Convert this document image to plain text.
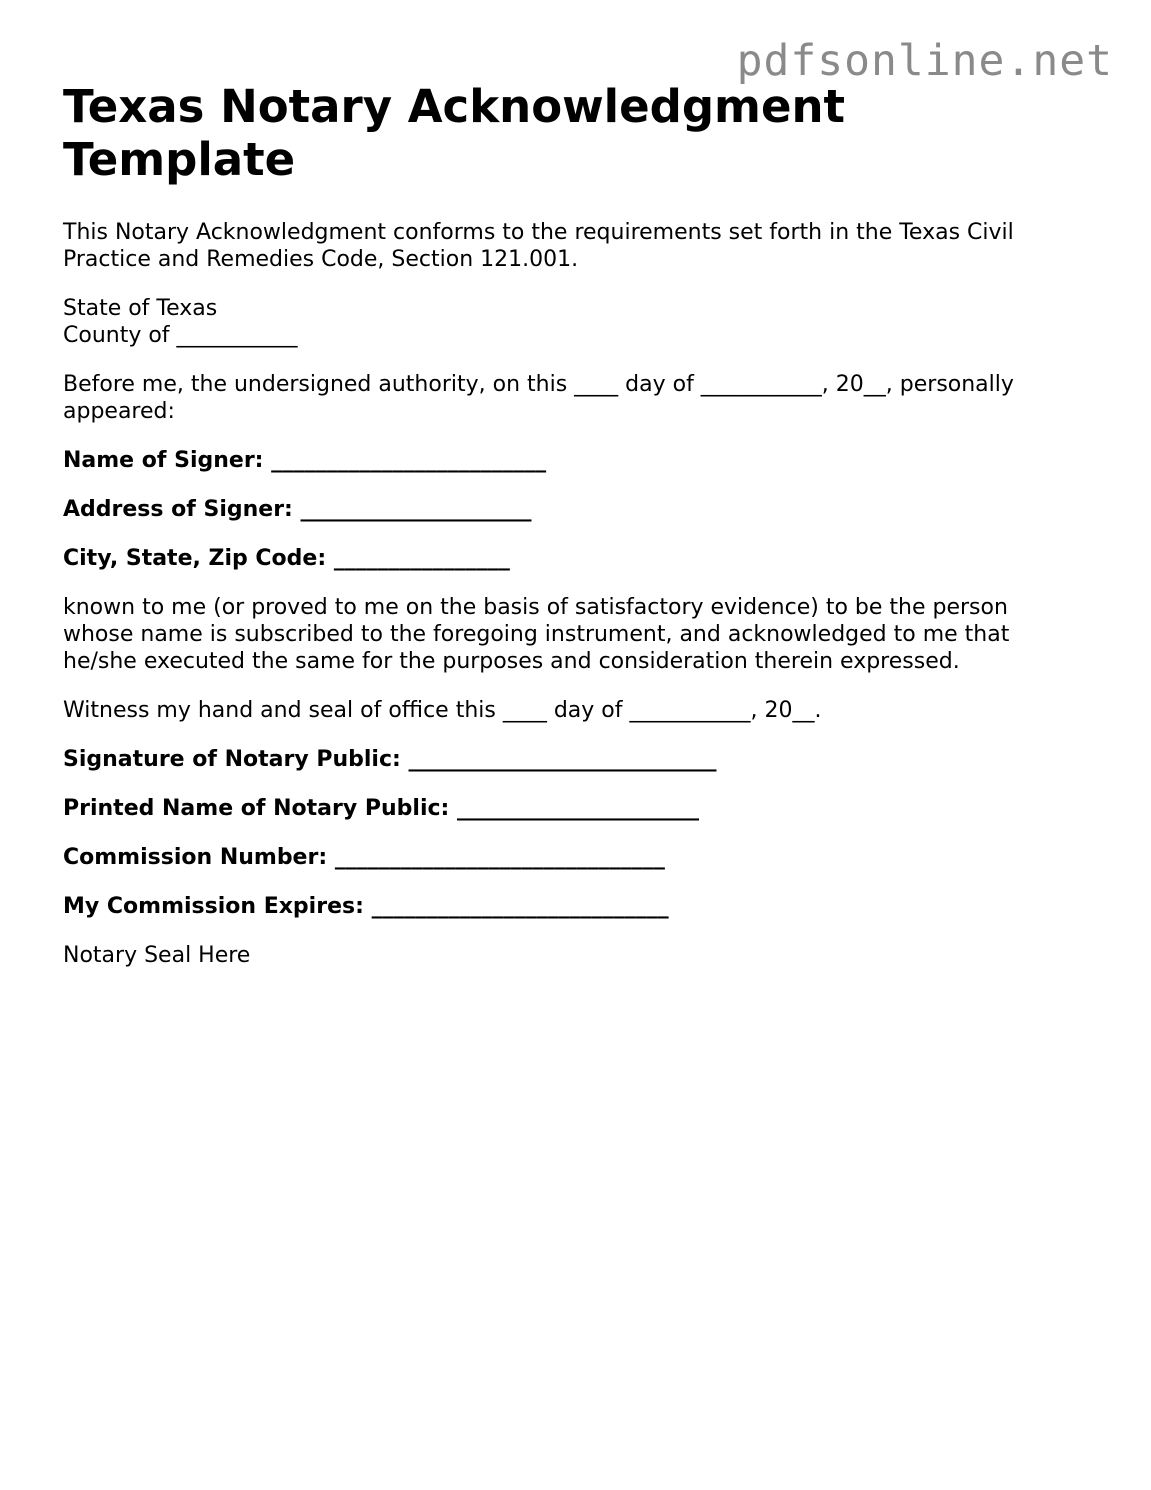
pdfsonline.net
Texas Notary Acknowledgment Template

This Notary Acknowledgment conforms to the requirements set forth in the Texas Civil Practice and Remedies Code, Section 121.001.

State of Texas

County of ___________

Before me, the undersigned authority, on this ____ day of ___________, 20__, personally appeared:

Name of Signer: _________________________

Address of Signer: _____________________

City, State, Zip Code: ________________

known to me (or proved to me on the basis of satisfactory evidence) to be the person whose name is subscribed to the foregoing instrument, and acknowledged to me that he/she executed the same for the purposes and consideration therein expressed.

Witness my hand and seal of office this ____ day of ___________, 20__.

Signature of Notary Public: ____________________________

Printed Name of Notary Public: ______________________

Commission Number: ______________________________

My Commission Expires: ___________________________

Notary Seal Here
